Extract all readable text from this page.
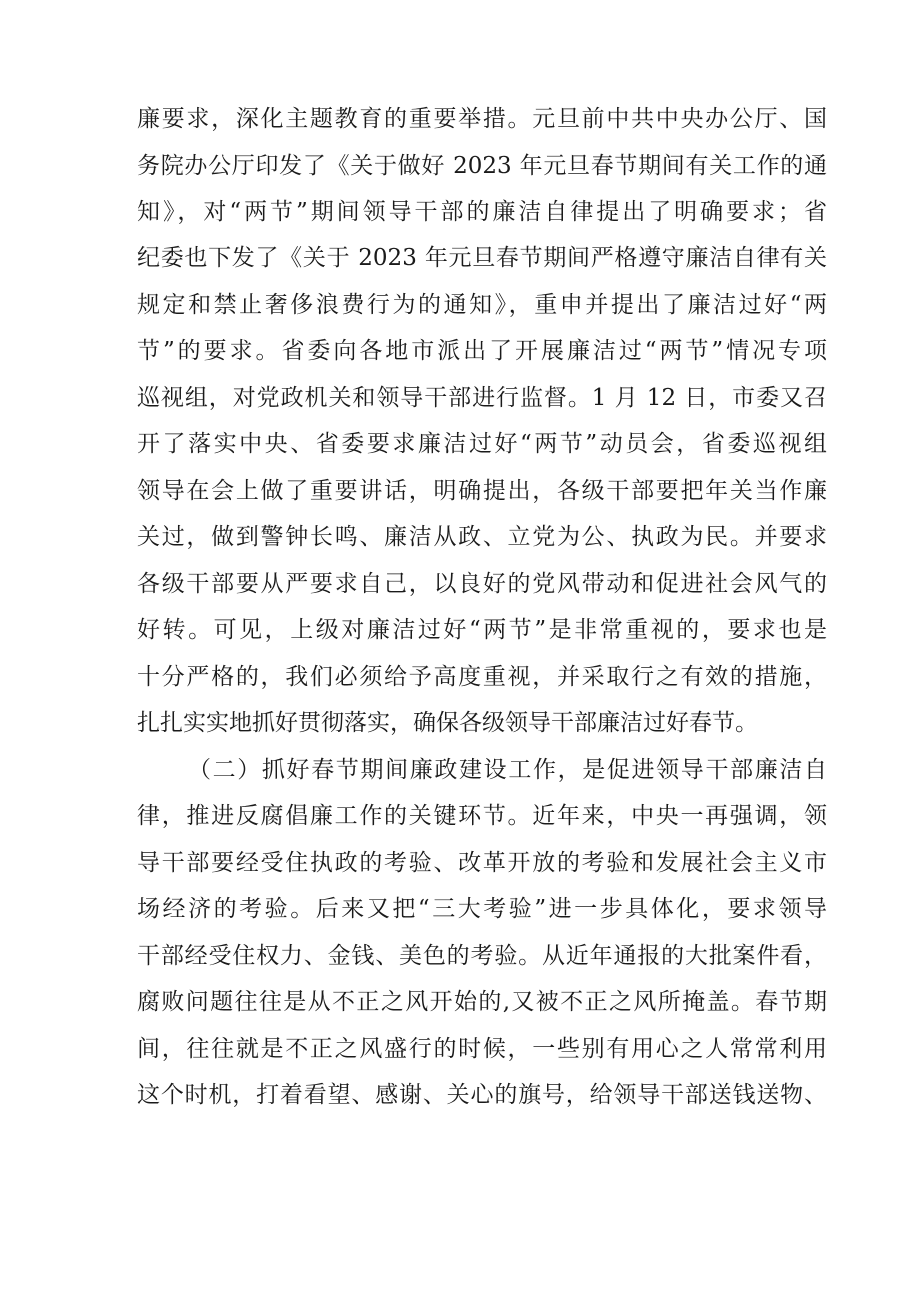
廉要求，深化主题教育的重要举措。元旦前中共中央办公厅、国
务院办公厅印发了《关于做好 2023 年元旦春节期间有关工作的通
知》，对“两节”期间领导干部的廉洁自律提出了明确要求；省
纪委也下发了《关于 2023 年元旦春节期间严格遵守廉洁自律有关
规定和禁止奢侈浪费行为的通知》，重申并提出了廉洁过好“两
节”的要求。省委向各地市派出了开展廉洁过“两节”情况专项
巡视组，对党政机关和领导干部进行监督。1 月 12 日，市委又召
开了落实中央、省委要求廉洁过好“两节”动员会，省委巡视组
领导在会上做了重要讲话，明确提出，各级干部要把年关当作廉
关过，做到警钟长鸣、廉洁从政、立党为公、执政为民。并要求
各级干部要从严要求自己，以良好的党风带动和促进社会风气的
好转。可见，上级对廉洁过好“两节”是非常重视的，要求也是
十分严格的，我们必须给予高度重视，并采取行之有效的措施，
扎扎实实地抓好贯彻落实，确保各级领导干部廉洁过好春节。
（二）抓好春节期间廉政建设工作，是促进领导干部廉洁自
律，推进反腐倡廉工作的关键环节。近年来，中央一再强调，领
导干部要经受住执政的考验、改革开放的考验和发展社会主义市
场经济的考验。后来又把“三大考验”进一步具体化，要求领导
干部经受住权力、金钱、美色的考验。从近年通报的大批案件看，
腐败问题往往是从不正之风开始的,又被不正之风所掩盖。春节期
间，往往就是不正之风盛行的时候，一些别有用心之人常常利用
这个时机，打着看望、感谢、关心的旗号，给领导干部送钱送物、
